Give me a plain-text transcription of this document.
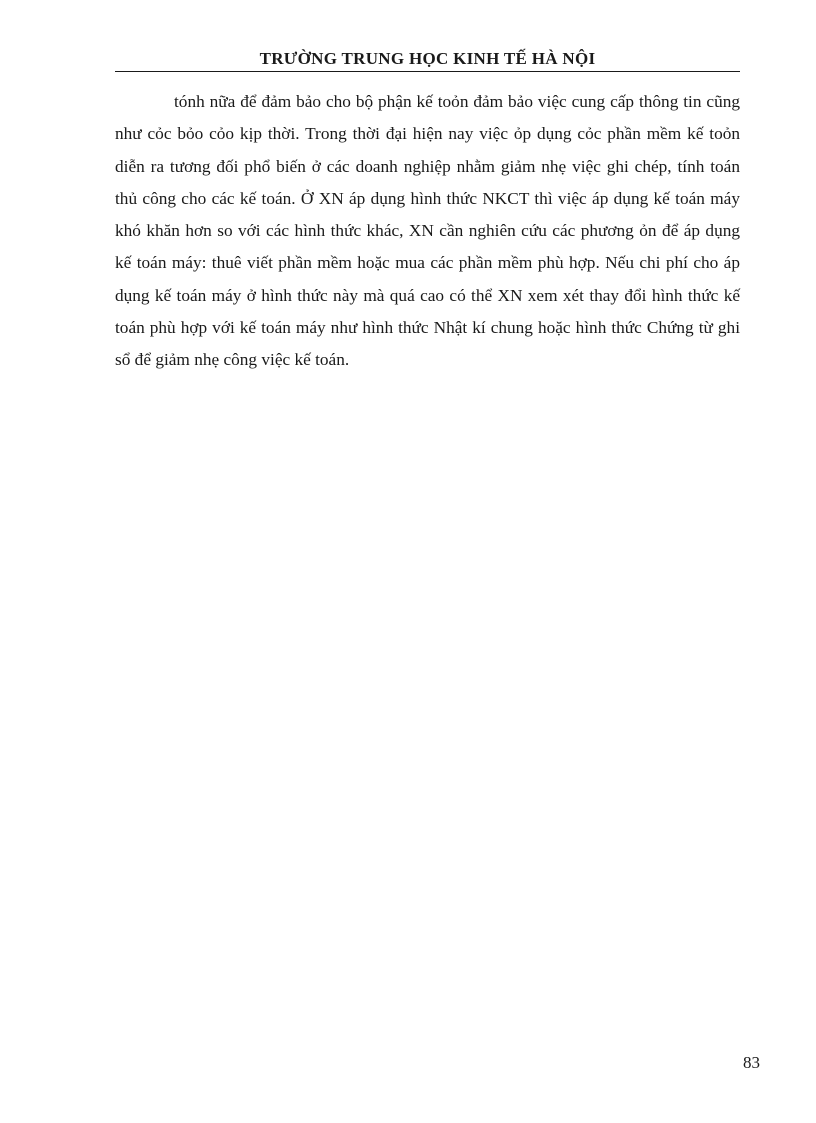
TRƯỜNG TRUNG HỌC KINH TẾ HÀ NỘI

tónh nữa để đảm bảo cho bộ phận kế toỏn đảm bảo việc cung cấp thông tin cũng như cỏc bỏo cỏo kịp thời. Trong thời đại hiện nay việc ỏp dụng cỏc phần mềm kế toỏn diễn ra tương đối phổ biến ở các doanh nghiệp nhằm giảm nhẹ việc ghi chép, tính toán thủ công cho các kế toán. Ở XN áp dụng hình thức NKCT thì việc áp dụng kế toán máy khó khăn hơn so với các hình thức khác, XN cần nghiên cứu các phương ỏn để áp dụng kế toán máy: thuê viết phần mềm hoặc mua các phần mềm phù hợp. Nếu chi phí cho áp dụng kế toán máy ở hình thức này mà quá cao có thể XN xem xét thay đổi hình thức kế toán phù hợp với kế toán máy như hình thức Nhật kí chung hoặc hình thức Chứng từ ghi sổ để giảm nhẹ công việc kế toán.

83
